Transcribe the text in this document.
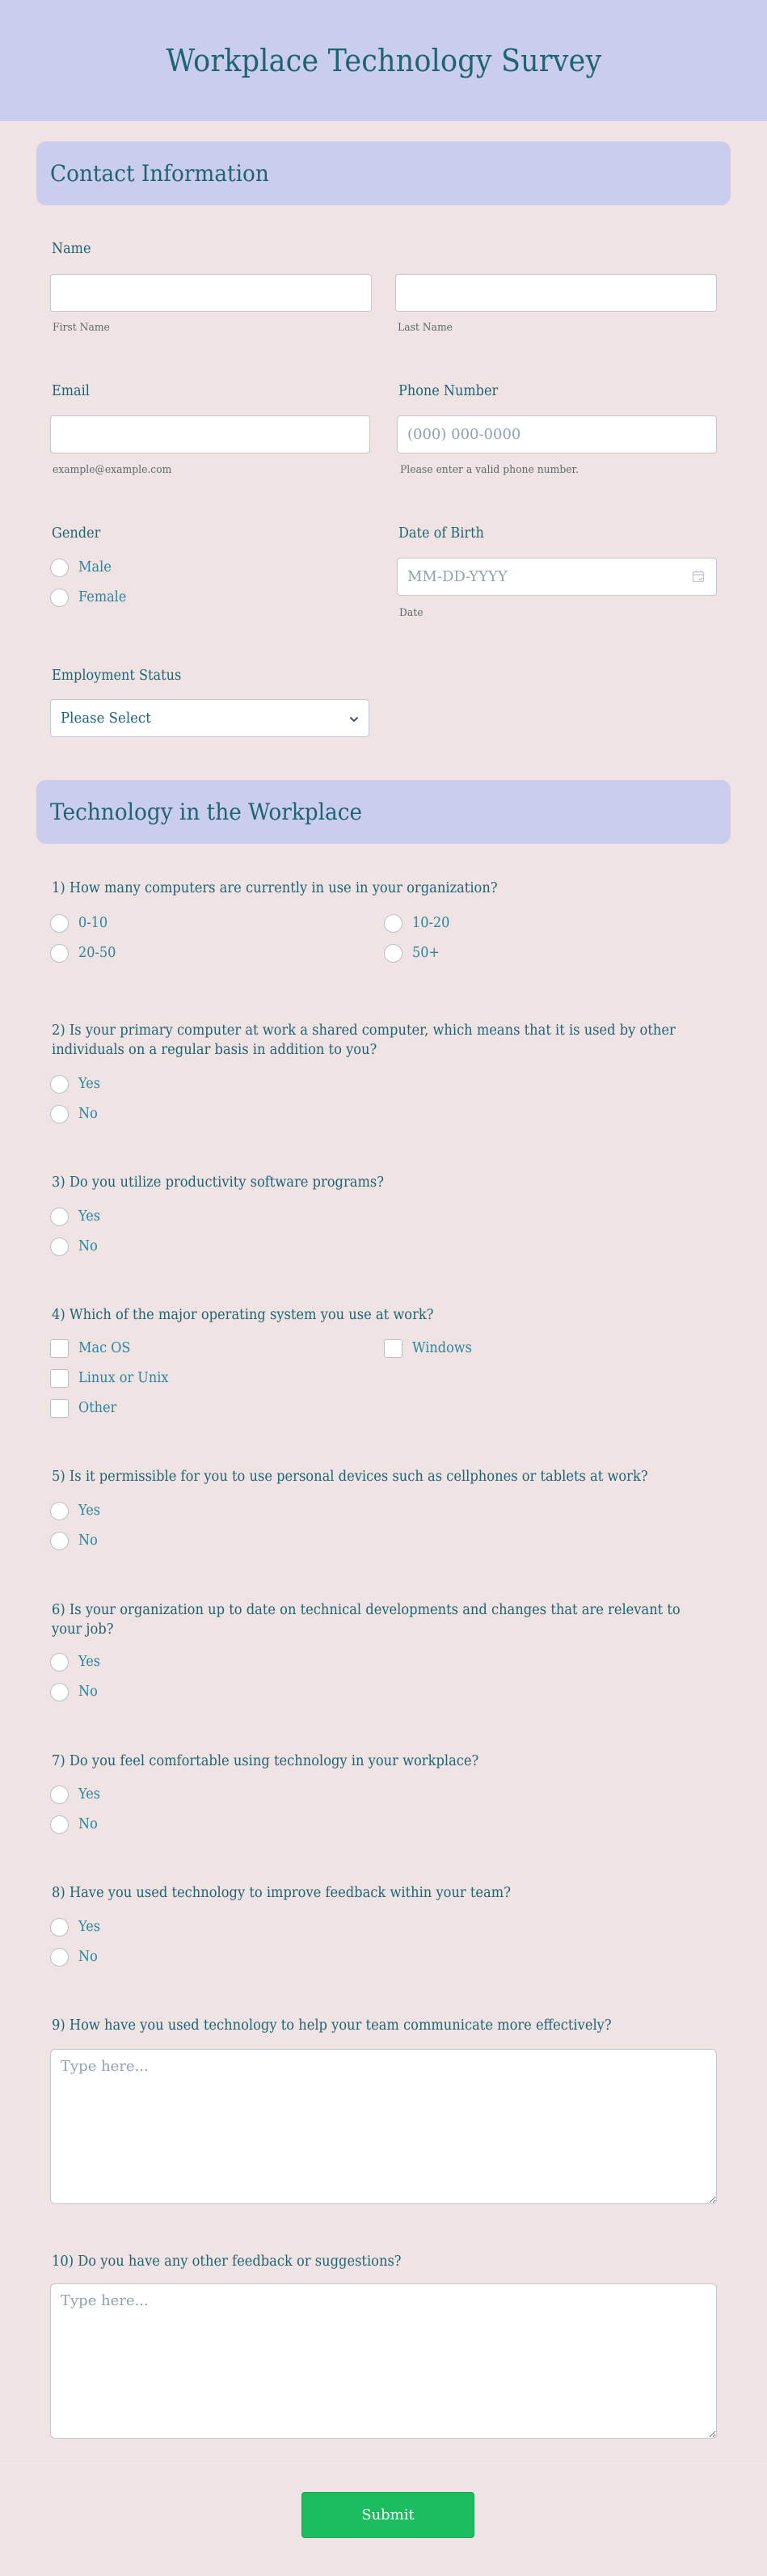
Workplace Technology Survey
Contact Information
Name
First Name	Last Name
Email
example@example.com
Phone Number
(000) 000-0000
Please enter a valid phone number.
Gender
Male
Female
Date of Birth
MM-DD-YYYY
Date
Employment Status
Please Select
Technology in the Workplace
1) How many computers are currently in use in your organization?
0-10	10-20
20-50	50+
2) Is your primary computer at work a shared computer, which means that it is used by other individuals on a regular basis in addition to you?
Yes
No
3) Do you utilize productivity software programs?
Yes
No
4) Which of the major operating system you use at work?
Mac OS	Windows
Linux or Unix
Other
5) Is it permissible for you to use personal devices such as cellphones or tablets at work?
Yes
No
6) Is your organization up to date on technical developments and changes that are relevant to your job?
Yes
No
7) Do you feel comfortable using technology in your workplace?
Yes
No
8) Have you used technology to improve feedback within your team?
Yes
No
9) How have you used technology to help your team communicate more effectively?
Type here...
10) Do you have any other feedback or suggestions?
Type here...
Submit
